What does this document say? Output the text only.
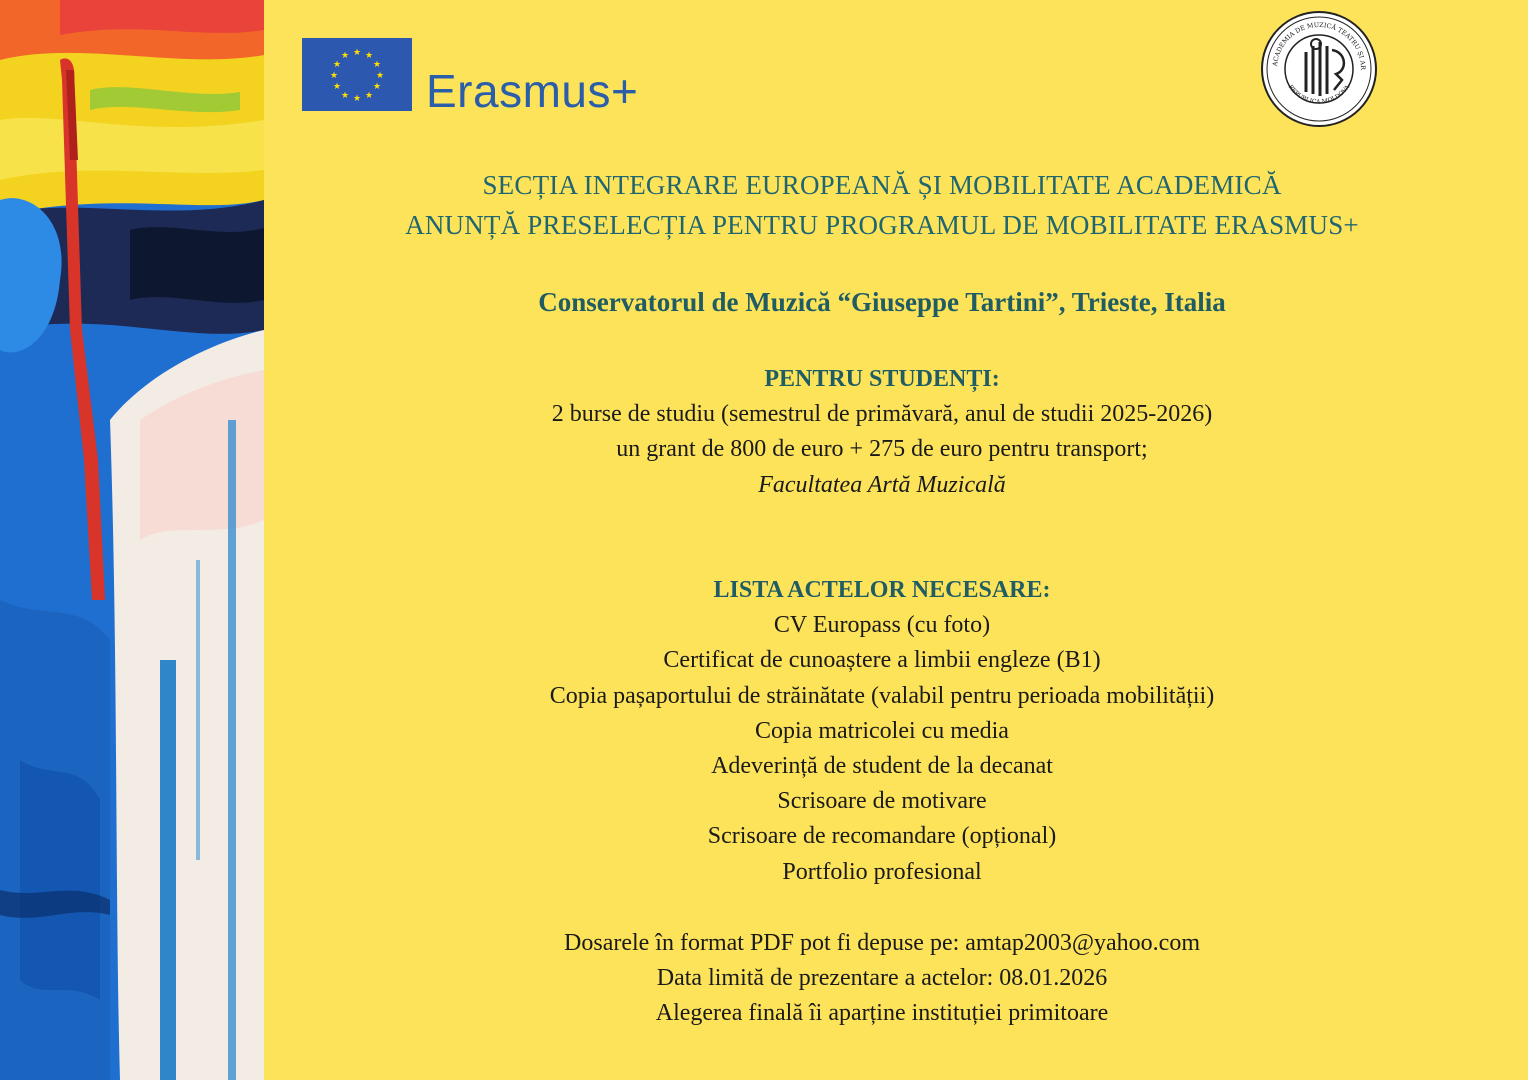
★ ★
★
★
★
★
★
★
★
★
★
★
Erasmus+
ACADEMIA DE MUZICĂ TEATRU ȘI AR
REPUBLICA MOLDOVA
SECȚIA INTEGRARE EUROPEANĂ ȘI MOBILITATE ACADEMICĂ
ANUNȚĂ PRESELECȚIA PENTRU PROGRAMUL DE MOBILITATE ERASMUS+
Conservatorul de Muzică “Giuseppe Tartini”, Trieste, Italia
PENTRU STUDENȚI:
2 burse de studiu (semestrul de primăvară, anul de studii 2025-2026)
un grant de 800 de euro + 275 de euro pentru transport;
Facultatea Artă Muzicală
LISTA ACTELOR NECESARE:
CV Europass (cu foto)
Certificat de cunoaștere a limbii engleze (B1)
Copia pașaportului de străinătate (valabil pentru perioada mobilității)
Copia matricolei cu media
Adeverință de student de la decanat
Scrisoare de motivare
Scrisoare de recomandare (opțional)
Portfolio profesional
Dosarele în format PDF pot fi depuse pe: amtap2003@yahoo.com
Data limită de prezentare a actelor: 08.01.2026
Alegerea finală îi aparține instituției primitoare
